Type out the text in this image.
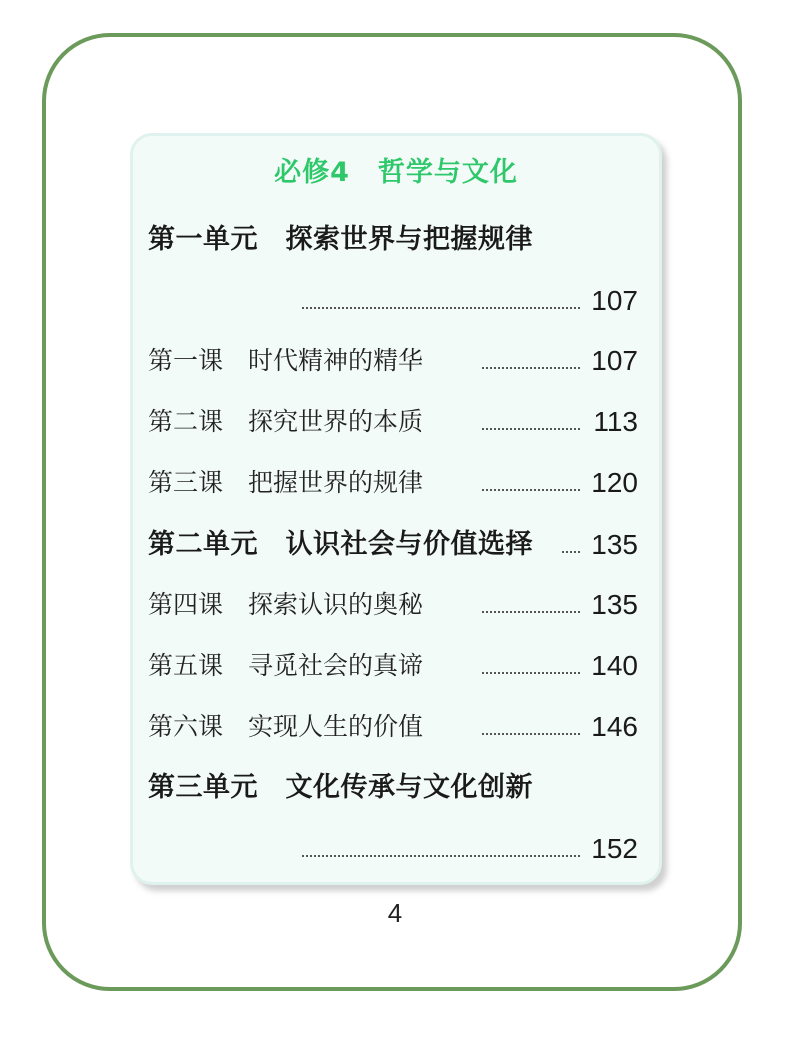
必修4　哲学与文化
第一单元　探索世界与把握规律
107
第一课　时代精神的精华	107
第二课　探究世界的本质	113
第三课　把握世界的规律	120
第二单元　认识社会与价值选择 135
第四课　探索认识的奥秘	135
第五课　寻觅社会的真谛	140
第六课　实现人生的价值	146
第三单元　文化传承与文化创新
152
4
